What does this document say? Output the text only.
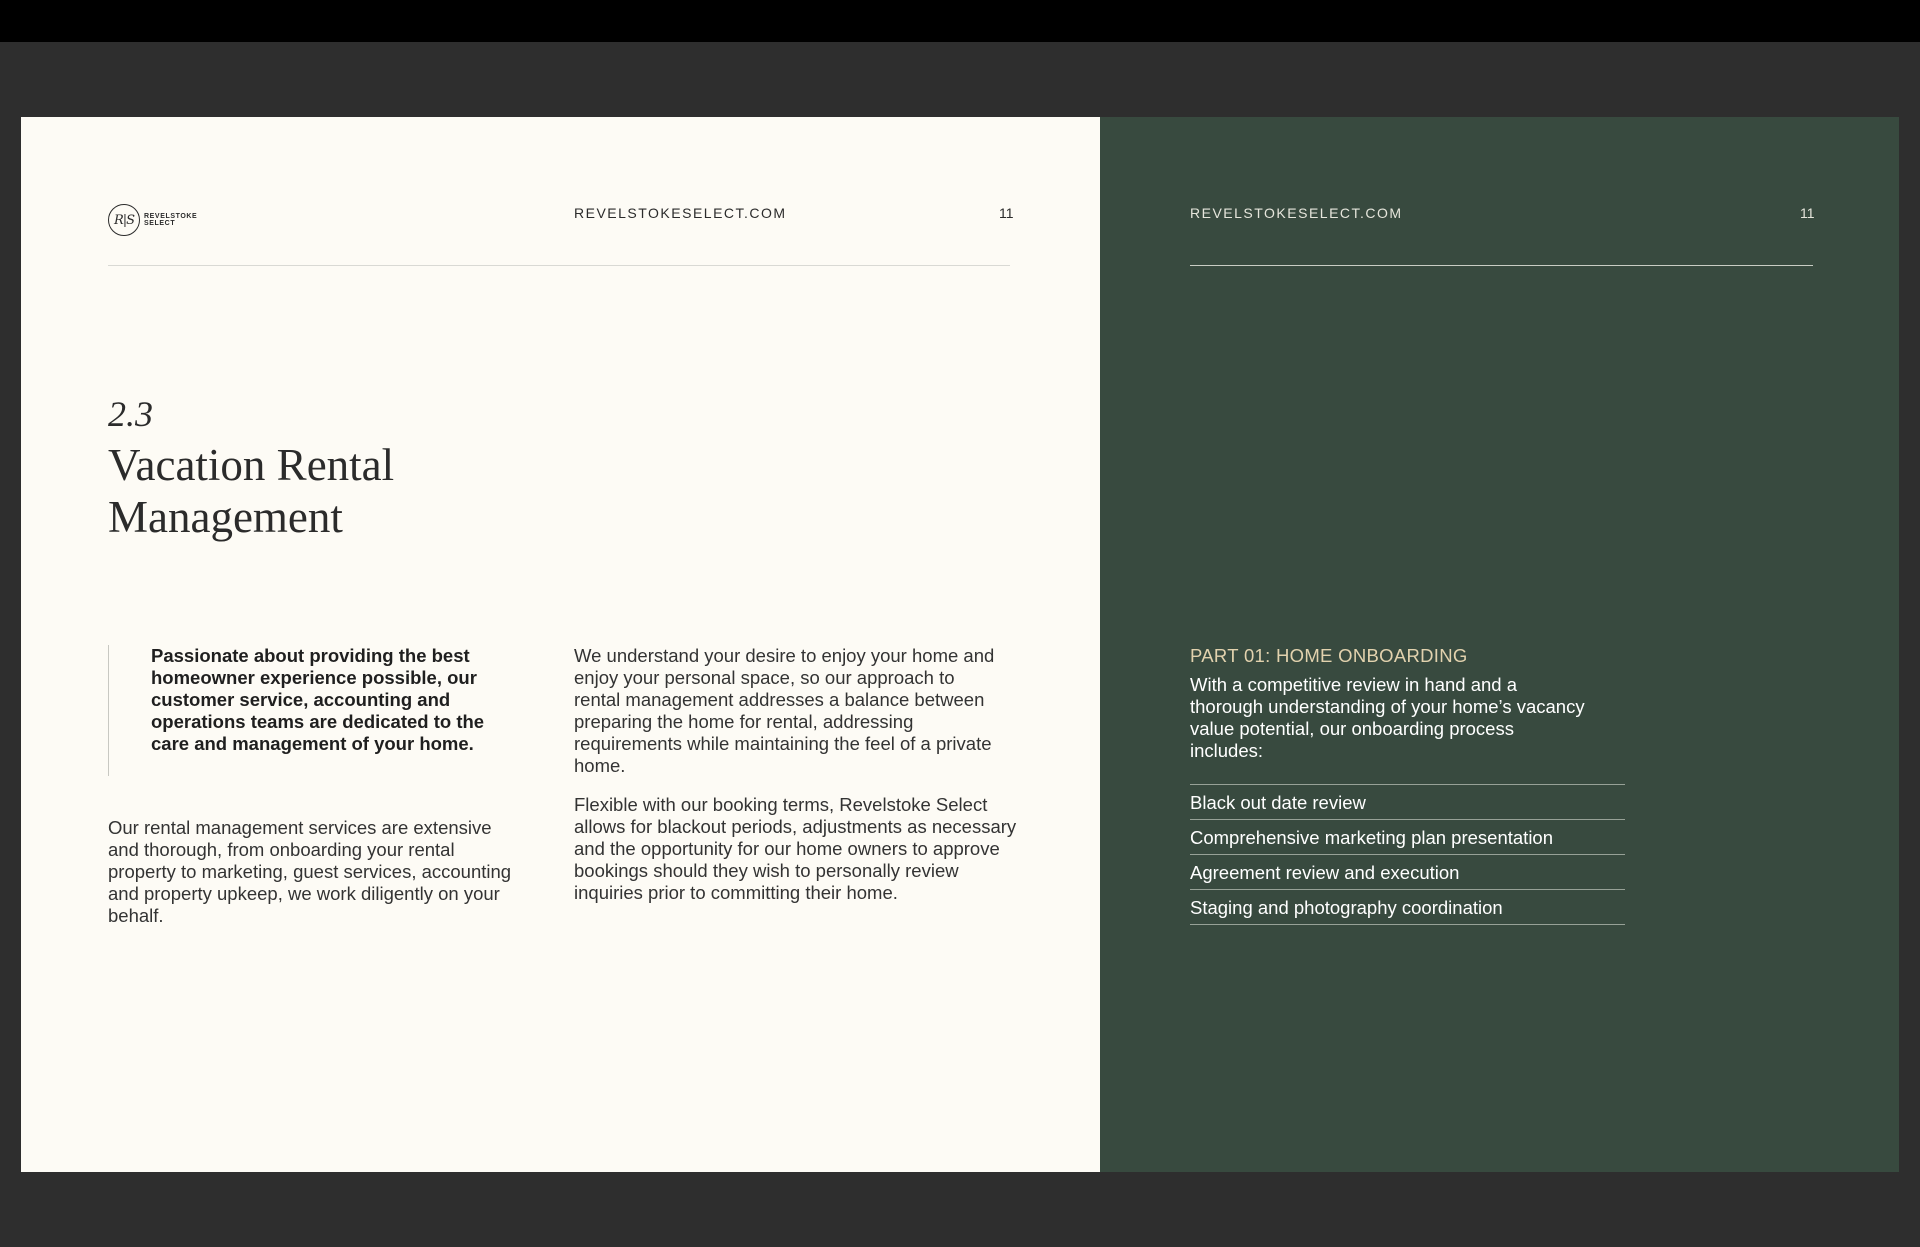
R|S	REVELSTOKE
SELECT
REVELSTOKESELECT.COM	11
2.3
Vacation Rental
Management
Passionate about providing the best homeowner experience possible, our customer service, accounting and operations teams are dedicated to the care and management of your home.
Our rental management services are extensive and thorough, from onboarding your rental property to marketing, guest services, accounting and property upkeep, we work diligently on your behalf.
We understand your desire to enjoy your home and enjoy your personal space, so our approach to rental management addresses a balance between preparing the home for rental, addressing requirements while maintaining the feel of a private home.
Flexible with our booking terms, Revelstoke Select allows for blackout periods, adjustments as necessary and the opportunity for our home owners to approve bookings should they wish to personally review inquiries prior to committing their home.
REVELSTOKESELECT.COM	11
PART 01: HOME ONBOARDING
With a competitive review in hand and a thorough understanding of your home’s vacancy value potential, our onboarding process includes:
Black out date review
Comprehensive marketing plan presentation
Agreement review and execution
Staging and photography coordination
